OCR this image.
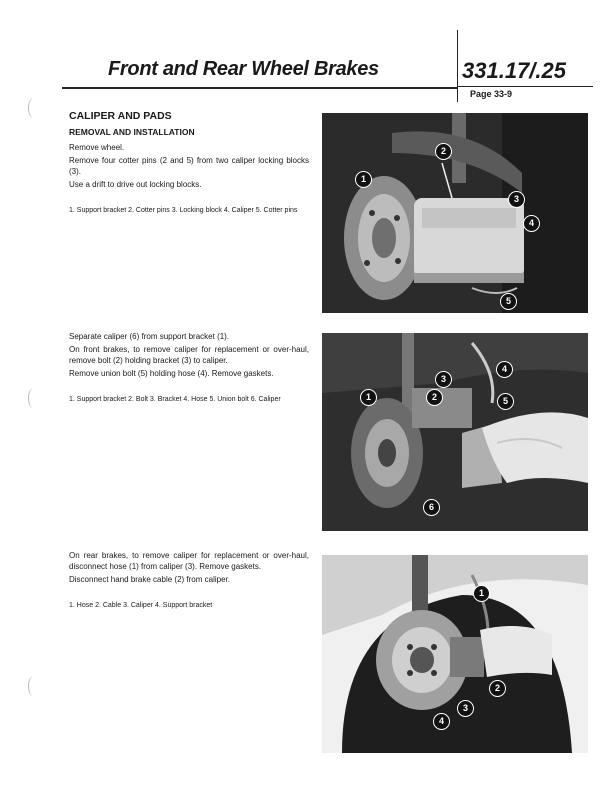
Front and Rear Wheel Brakes	331.17/.25
Page 33-9
CALIPER AND PADS
REMOVAL AND INSTALLATION
Remove wheel.
Remove four cotter pins (2 and 5) from two caliper locking blocks (3).
Use a drift to drive out locking blocks.
1. Support bracket 2. Cotter pins 3. Locking block 4. Caliper 5. Cotter pins
Separate caliper (6) from support bracket (1).
On front brakes, to remove caliper for replacement or over-haul, remove bolt (2) holding bracket (3) to caliper.
Remove union bolt (5) holding hose (4). Remove gaskets.
1. Support bracket 2. Bolt 3. Bracket 4. Hose 5. Union bolt 6. Caliper
On rear brakes, to remove caliper for replacement or over-haul, disconnect hose (1) from caliper (3). Remove gaskets.
Disconnect hand brake cable (2) from caliper.
1. Hose 2. Cable 3. Caliper 4. Support bracket
2
1
3
4
5
4
3
1	2	5
6
1
2
3
4
